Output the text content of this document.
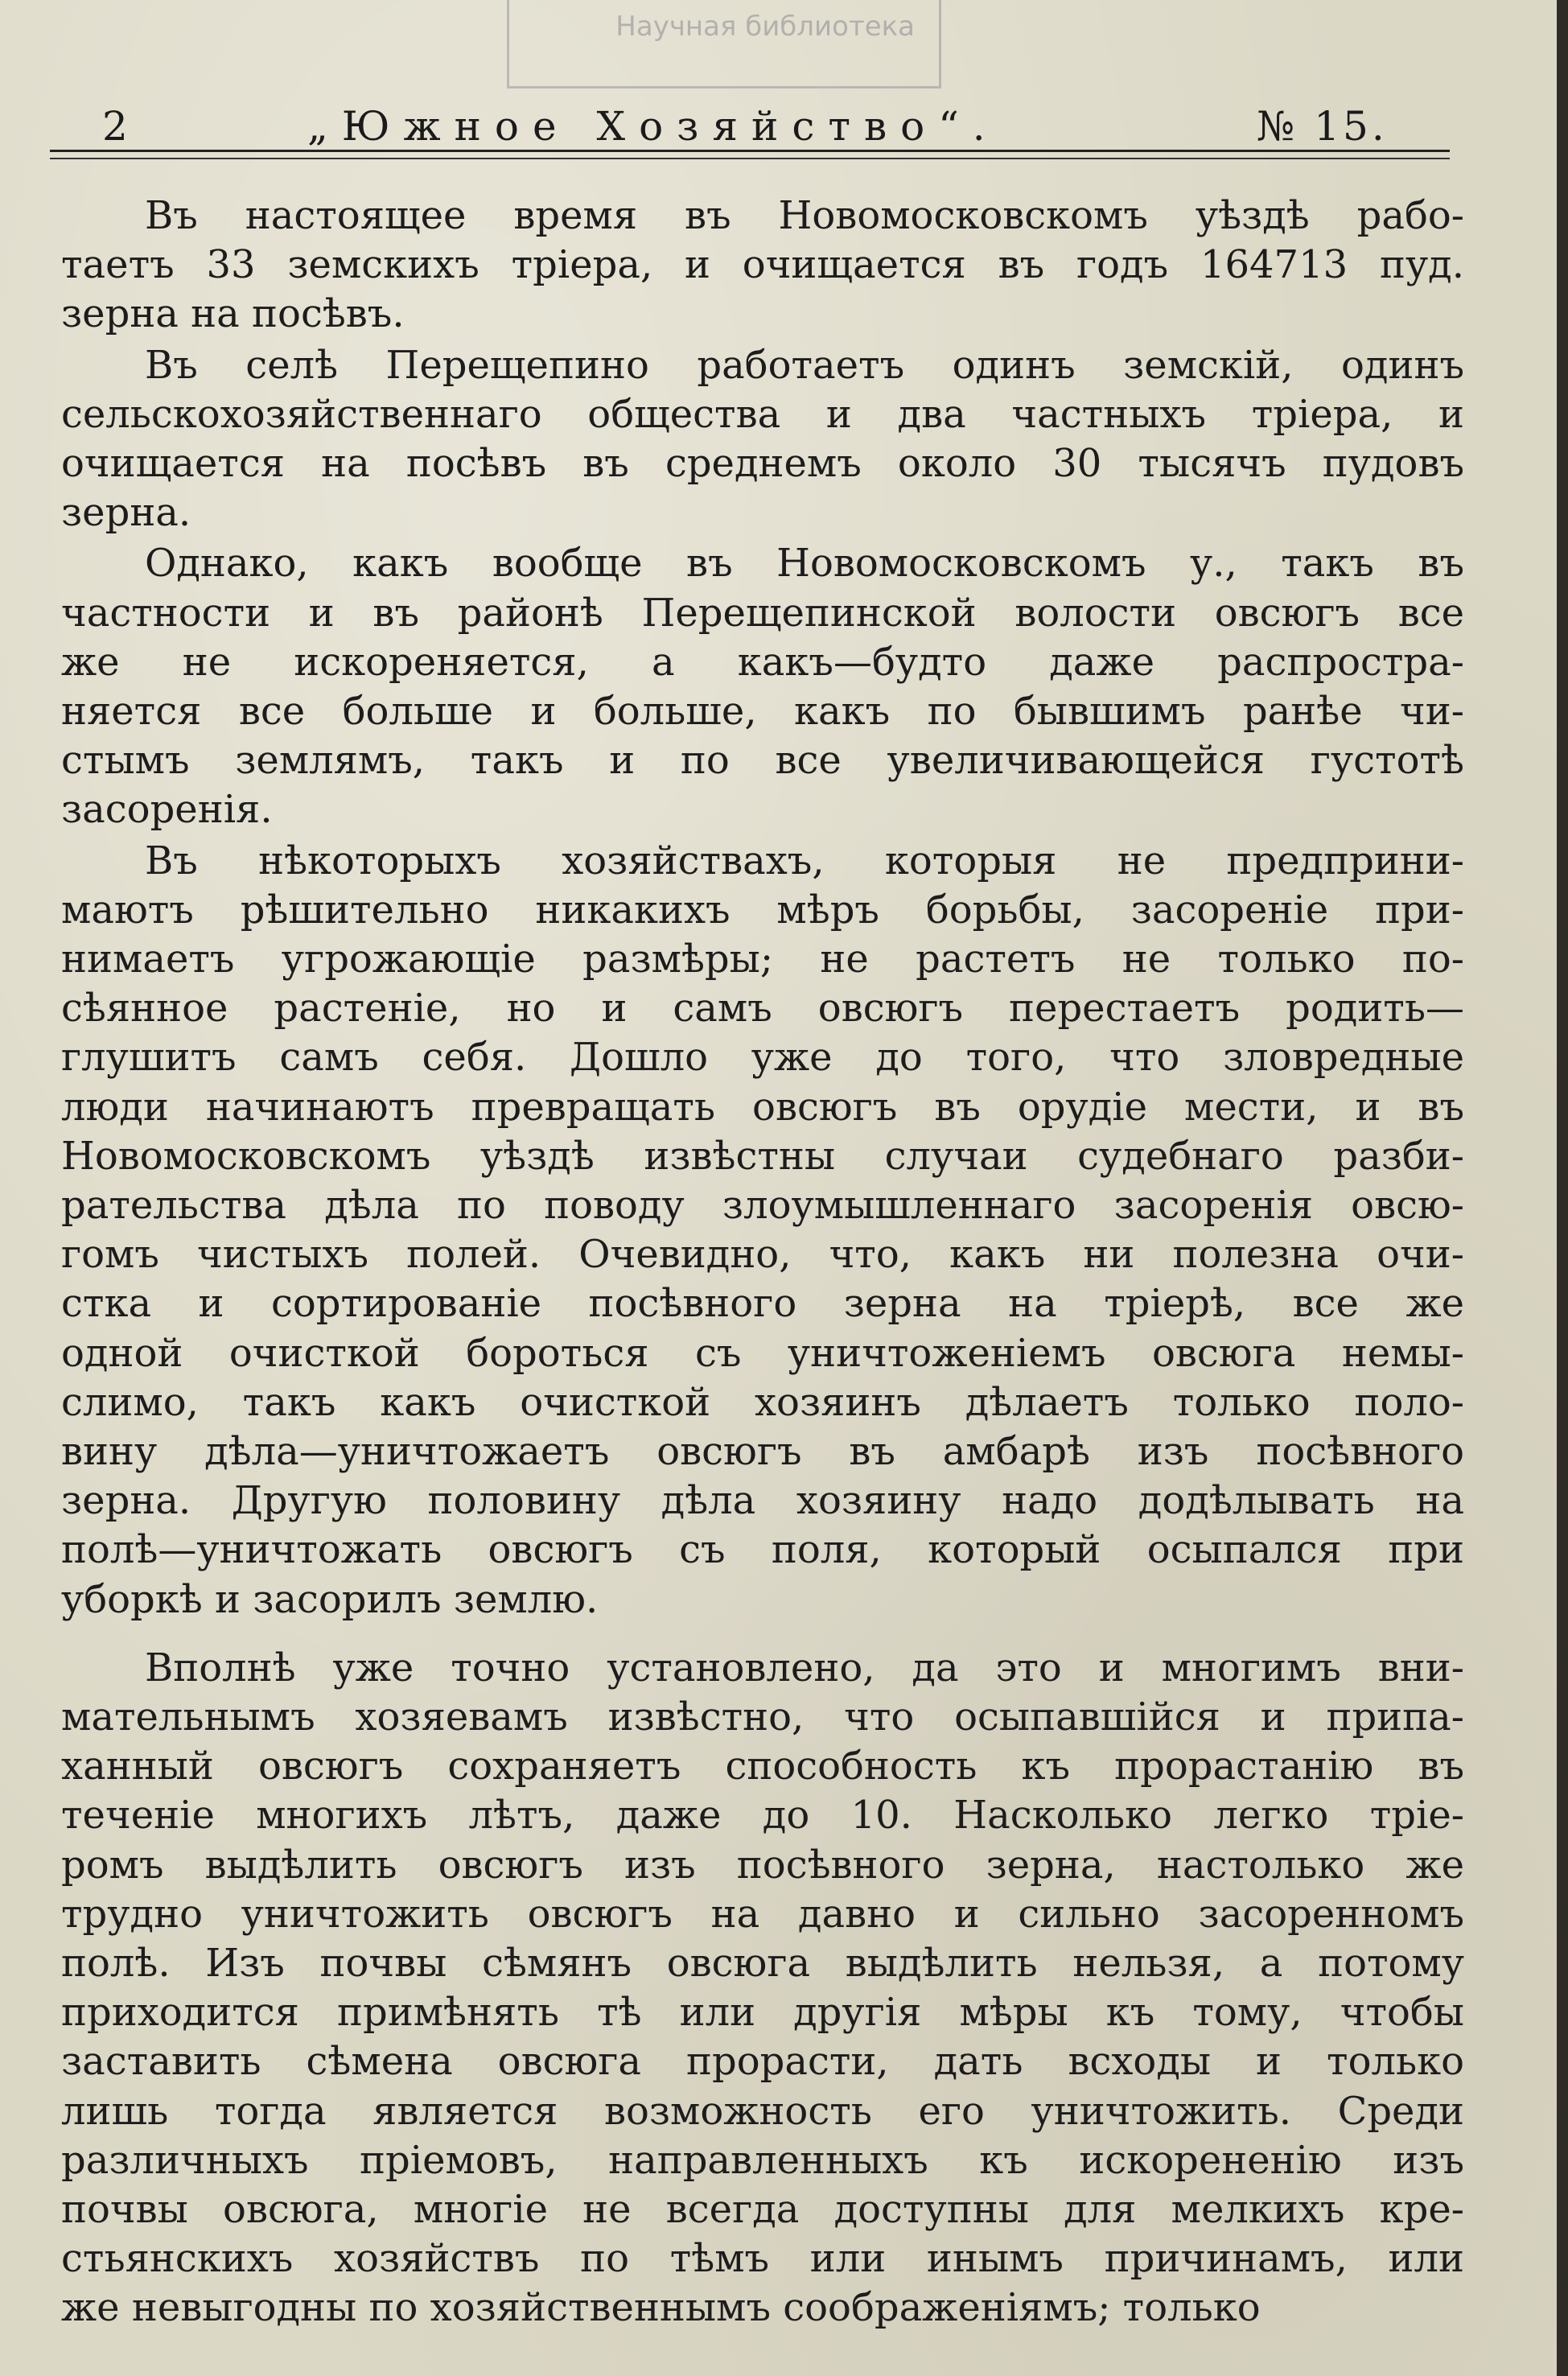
Научная библиотека
2	„Южное Хозяйство“.	№ 15.
Въ настоящее время въ Новомосковскомъ уѣздѣ рабо-
таетъ 33 земскихъ тріера, и очищается въ годъ 164713 пуд.
зерна на посѣвъ.
Въ селѣ Перещепино работаетъ одинъ земскій, одинъ
сельскохозяйственнаго общества и два частныхъ тріера, и
очищается на посѣвъ въ среднемъ около 30 тысячъ пудовъ
зерна.
Однако, какъ вообще въ Новомосковскомъ у., такъ въ
частности и въ районѣ Перещепинской волости овсюгъ все
же не искореняется, а какъ—будто даже распростра-
няется все больше и больше, какъ по бывшимъ ранѣе чи-
стымъ землямъ, такъ и по все увеличивающейся густотѣ
засоренія.
Въ нѣкоторыхъ хозяйствахъ, которыя не предприни-
маютъ рѣшительно никакихъ мѣръ борьбы, засореніе при-
нимаетъ угрожающіе размѣры; не растетъ не только по-
сѣянное растеніе, но и самъ овсюгъ перестаетъ родить—
глушитъ самъ себя. Дошло уже до того, что зловредные
люди начинаютъ превращать овсюгъ въ орудіе мести, и въ
Новомосковскомъ уѣздѣ извѣстны случаи судебнаго разби-
рательства дѣла по поводу злоумышленнаго засоренія овсю-
гомъ чистыхъ полей. Очевидно, что, какъ ни полезна очи-
стка и сортированіе посѣвного зерна на тріерѣ, все же
одной очисткой бороться съ уничтоженіемъ овсюга немы-
слимо, такъ какъ очисткой хозяинъ дѣлаетъ только поло-
вину дѣла—уничтожаетъ овсюгъ въ амбарѣ изъ посѣвного
зерна. Другую половину дѣла хозяину надо додѣлывать на
полѣ—уничтожать овсюгъ съ поля, который осыпался при
уборкѣ и засорилъ землю.
Вполнѣ уже точно установлено, да это и многимъ вни-
мательнымъ хозяевамъ извѣстно, что осыпавшійся и припа-
ханный овсюгъ сохраняетъ способность къ прорастанію въ
теченіе многихъ лѣтъ, даже до 10. Насколько легко тріе-
ромъ выдѣлить овсюгъ изъ посѣвного зерна, настолько же
трудно уничтожить овсюгъ на давно и сильно засоренномъ
полѣ. Изъ почвы сѣмянъ овсюга выдѣлить нельзя, а потому
приходится примѣнять тѣ или другія мѣры къ тому, чтобы
заставить сѣмена овсюга прорасти, дать всходы и только
лишь тогда является возможность его уничтожить. Среди
различныхъ пріемовъ, направленныхъ къ искорененію изъ
почвы овсюга, многіе не всегда доступны для мелкихъ кре-
стьянскихъ хозяйствъ по тѣмъ или инымъ причинамъ, или
же невыгодны по хозяйственнымъ соображеніямъ; только
